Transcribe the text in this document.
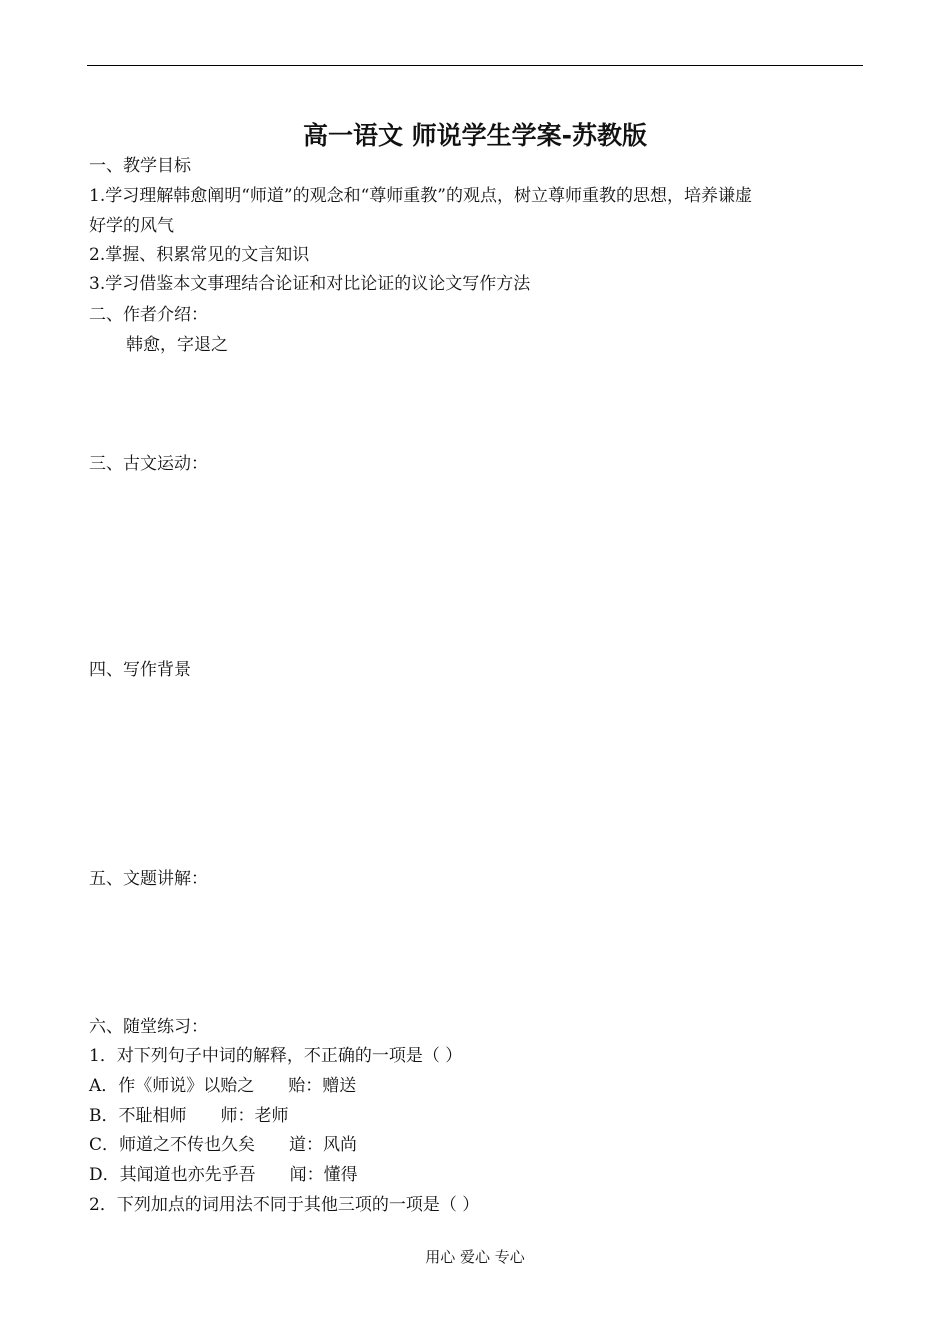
高一语文 师说学生学案-苏教版

一、教学目标

1.学习理解韩愈阐明“师道”的观念和“尊师重教”的观点，树立尊师重教的思想，培养谦虚

好学的风气

2.掌握、积累常见的文言知识

3.学习借鉴本文事理结合论证和对比论证的议论文写作方法

二、作者介绍：

韩愈，字退之

三、古文运动：

四、写作背景

五、文题讲解：

六、随堂练习：

1．对下列句子中词的解释，不正确的一项是（ ）

A．作《师说》以贻之 贻：赠送

B．不耻相师 师：老师

C．师道之不传也久矣 道：风尚

D．其闻道也亦先乎吾 闻：懂得

2．下列加点的词用法不同于其他三项的一项是（ ）

用心 爱心 专心
